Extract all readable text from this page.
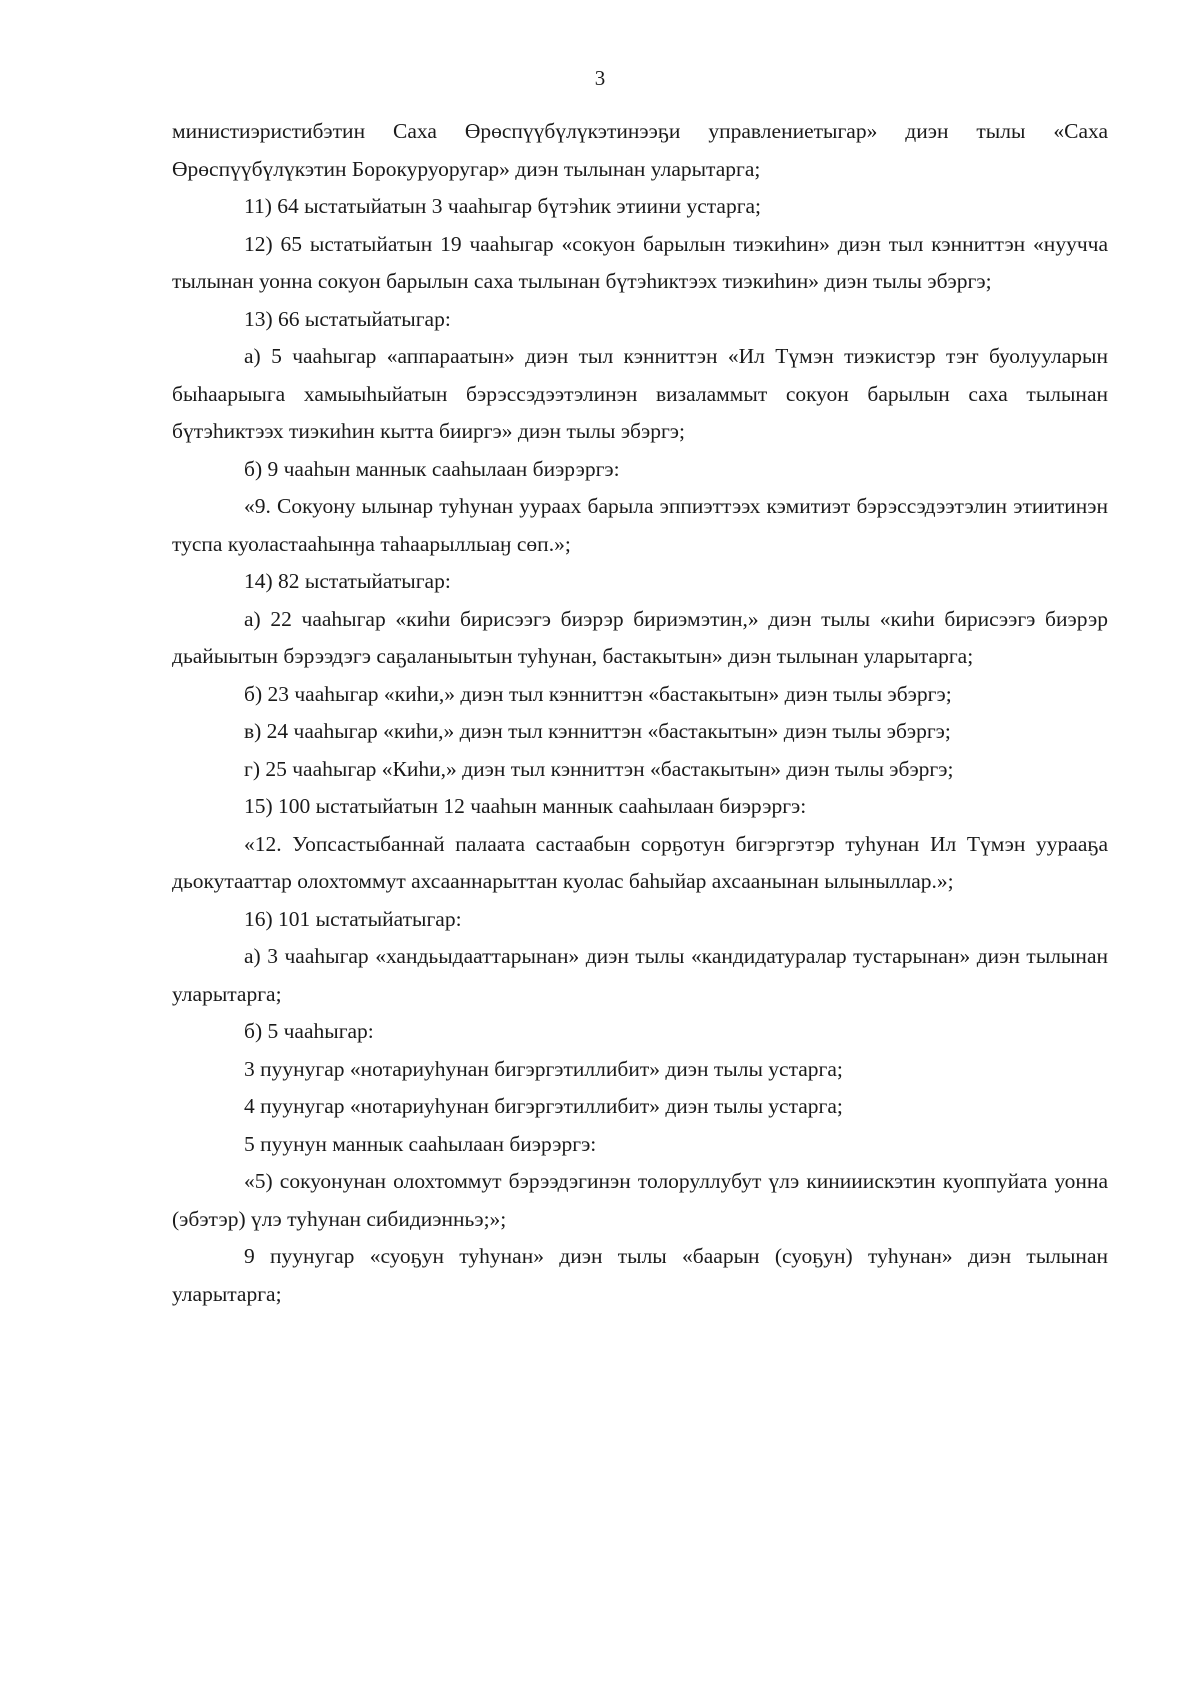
3

министиэристибэтин Саха Өрөспүүбүлүкэтинээҕи управлениетыгар» диэн тылы «Саха Өрөспүүбүлүкэтин Борокуруоругар» диэн тылынан уларытарга;

11) 64 ыстатыйатын 3 чааһыгар бүтэһик этиини устарга;

12) 65 ыстатыйатын 19 чааһыгар «сокуон барылын тиэкиһин» диэн тыл кэнниттэн «нуучча тылынан уонна сокуон барылын саха тылынан бүтэһиктээх тиэкиһин» диэн тылы эбэргэ;

13) 66 ыстатыйатыгар:

а) 5 чааһыгар «аппараатын» диэн тыл кэнниттэн «Ил Түмэн тиэкистэр тэҥ буолууларын быһаарыыга хамыыһыйатын бэрэссэдээтэлинэн визаламмыт сокуон барылын саха тылынан бүтэһиктээх тиэкиһин кытта бииргэ» диэн тылы эбэргэ;

б) 9 чааһын маннык сааһылаан биэрэргэ:

«9. Сокуону ылынар туһунан уураах барыла эппиэттээх кэмитиэт бэрэссэдээтэлин этиитинэн туспа куоластааһынӈа таһаарыллыаӈ сөп.»;

14) 82 ыстатыйатыгар:

а) 22 чааһыгар «киһи бирисээгэ биэрэр бириэмэтин,» диэн тылы «киһи бирисээгэ биэрэр дьайыытын бэрээдэгэ саҕаланыытын туһунан, бастакытын» диэн тылынан уларытарга;

б) 23 чааһыгар «киһи,» диэн тыл кэнниттэн «бастакытын» диэн тылы эбэргэ;

в) 24 чааһыгар «киһи,» диэн тыл кэнниттэн «бастакытын» диэн тылы эбэргэ;

г) 25 чааһыгар «Киһи,» диэн тыл кэнниттэн «бастакытын» диэн тылы эбэргэ;

15) 100 ыстатыйатын 12 чааһын маннык сааһылаан биэрэргэ:

«12. Уопсастыбаннай палаата састаабын сорҕотун бигэргэтэр туһунан Ил Түмэн уурааҕа дьокутааттар олохтоммут ахсааннарыттан куолас баһыйар ахсаанынан ылыныллар.»;

16) 101 ыстатыйатыгар:

а) 3 чааһыгар «хандьыдааттарынан» диэн тылы «кандидатуралар тустарынан» диэн тылынан уларытарга;

б) 5 чааһыгар:

3 пуунугар «нотариуһунан бигэргэтиллибит» диэн тылы устарга;

4 пуунугар «нотариуһунан бигэргэтиллибит» диэн тылы устарга;

5 пуунун маннык сааһылаан биэрэргэ:

«5) сокуонунан олохтоммут бэрээдэгинэн толоруллубут үлэ кинииискэтин куоппуйата уонна (эбэтэр) үлэ туһунан сибидиэнньэ;»;

9 пуунугар «суоҕун туһунан» диэн тылы «баарын (суоҕун) туһунан» диэн тылынан уларытарга;
